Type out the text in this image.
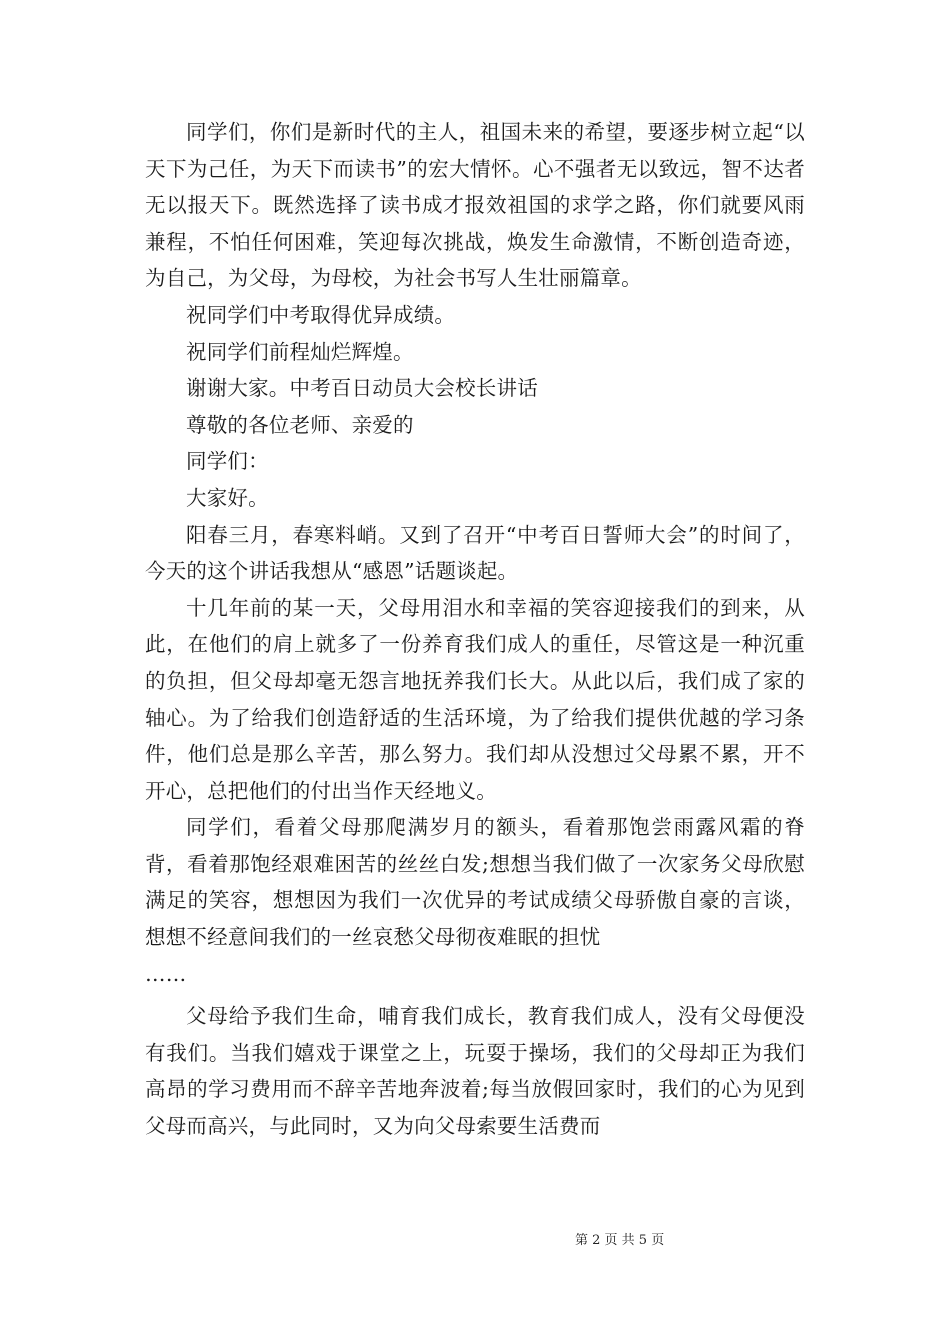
同学们，你们是新时代的主人，祖国未来的希望，要逐步树立起“以天下为己任，为天下而读书”的宏大情怀。心不强者无以致远，智不达者无以报天下。既然选择了读书成才报效祖国的求学之路，你们就要风雨兼程，不怕任何困难，笑迎每次挑战，焕发生命激情，不断创造奇迹，为自己，为父母，为母校，为社会书写人生壮丽篇章。

祝同学们中考取得优异成绩。

祝同学们前程灿烂辉煌。

谢谢大家。中考百日动员大会校长讲话

尊敬的各位老师、亲爱的

同学们：

大家好。

阳春三月，春寒料峭。又到了召开“中考百日誓师大会”的时间了，今天的这个讲话我想从“感恩”话题谈起。

十几年前的某一天，父母用泪水和幸福的笑容迎接我们的到来，从此，在他们的肩上就多了一份养育我们成人的重任，尽管这是一种沉重的负担，但父母却毫无怨言地抚养我们长大。从此以后，我们成了家的轴心。为了给我们创造舒适的生活环境，为了给我们提供优越的学习条件，他们总是那么辛苦，那么努力。我们却从没想过父母累不累，开不开心，总把他们的付出当作天经地义。

同学们，看着父母那爬满岁月的额头，看着那饱尝雨露风霜的脊背，看着那饱经艰难困苦的丝丝白发;想想当我们做了一次家务父母欣慰满足的笑容，想想因为我们一次优异的考试成绩父母骄傲自豪的言谈，想想不经意间我们的一丝哀愁父母彻夜难眠的担忧

……

父母给予我们生命，哺育我们成长，教育我们成人，没有父母便没有我们。当我们嬉戏于课堂之上，玩耍于操场，我们的父母却正为我们高昂的学习费用而不辞辛苦地奔波着;每当放假回家时，我们的心为见到父母而高兴，与此同时，又为向父母索要生活费而

第 2 页 共 5 页
